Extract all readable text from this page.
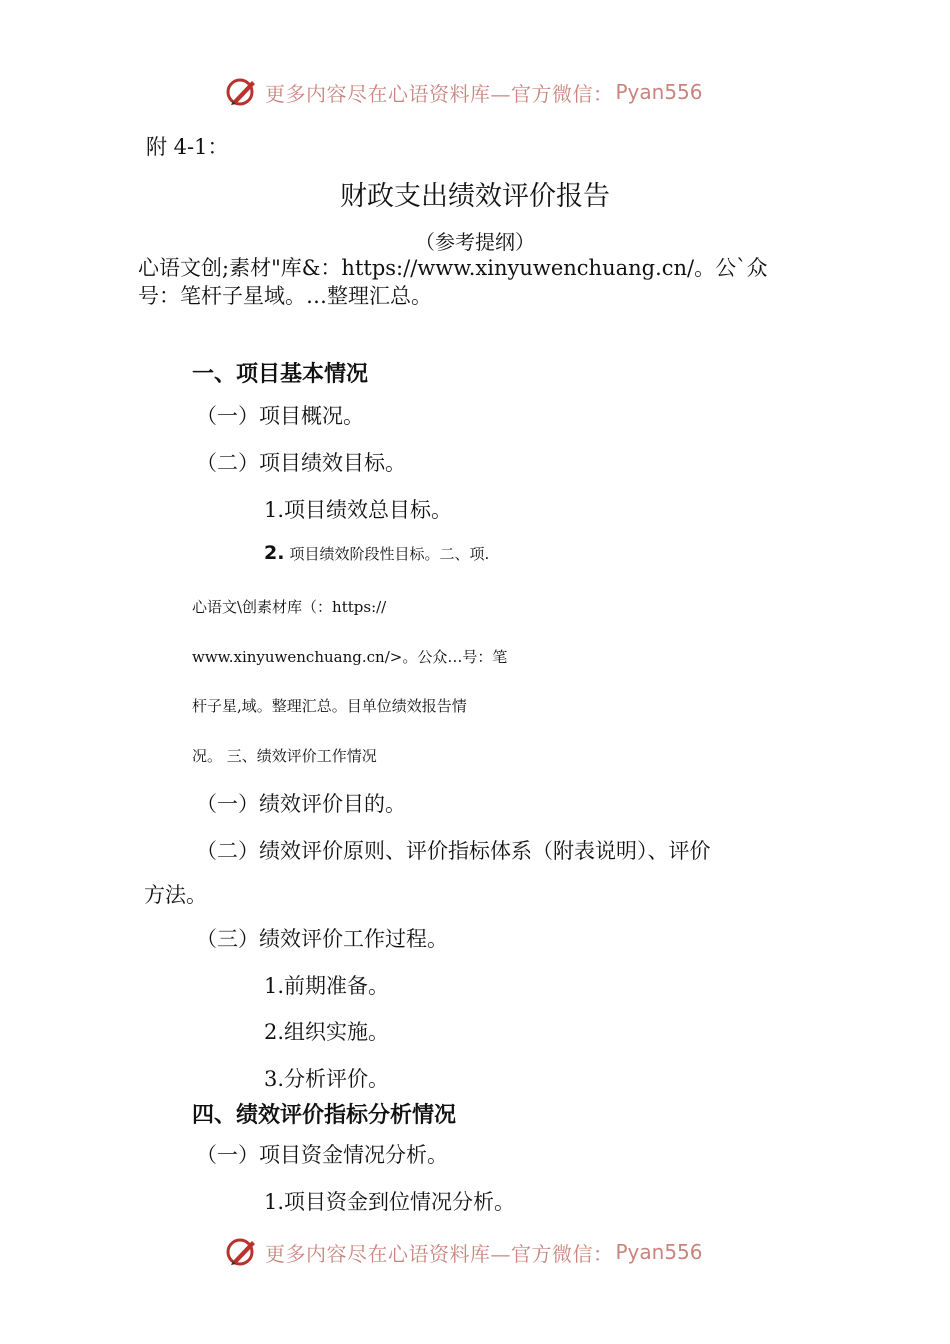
更多内容尽在心语资料库—官方微信： Pyan556
附 4-1：
财政支出绩效评价报告
（参考提纲）
心语文创;素材"库&：https://www.xinyuwenchuang.cn/。公`众
号：笔杆子星域。…整理汇总。
一、项目基本情况
（一）项目概况。
（二）项目绩效目标。
1.项目绩效总目标。
2. 项目绩效阶段性目标。二、项.
心语文\创素材库（：https://
www.xinyuwenchuang.cn/>。公众…号：笔
杆子星,域。整理汇总。目单位绩效报告情
况。 三、绩效评价工作情况
（一）绩效评价目的。
（二）绩效评价原则、评价指标体系（附表说明）、评价
方法。
（三）绩效评价工作过程。
1.前期准备。
2.组织实施。
3.分析评价。
四、绩效评价指标分析情况
（一）项目资金情况分析。
1.项目资金到位情况分析。
更多内容尽在心语资料库—官方微信： Pyan556
